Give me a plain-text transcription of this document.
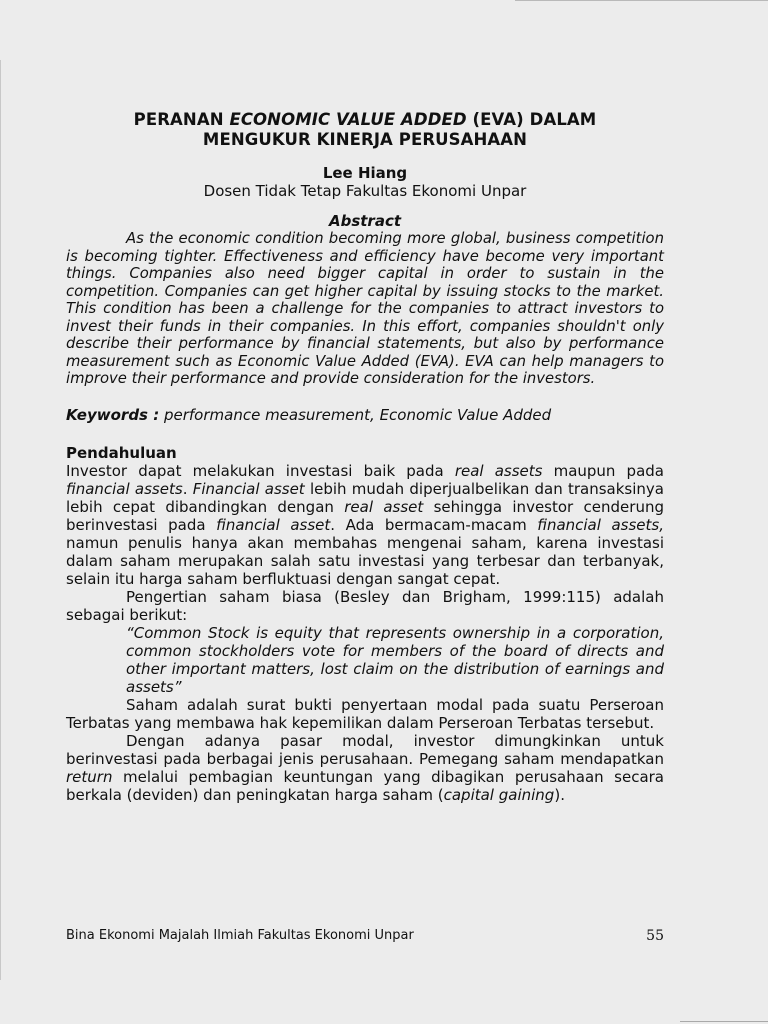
PERANAN ECONOMIC VALUE ADDED (EVA) DALAM
MENGUKUR KINERJA PERUSAHAAN

Lee Hiang

Dosen Tidak Tetap Fakultas Ekonomi Unpar

Abstract

As the economic condition becoming more global, business competition is becoming tighter. Effectiveness and efficiency have become very important things. Companies also need bigger capital in order to sustain in the competition. Companies can get higher capital by issuing stocks to the market. This condition has been a challenge for the companies to attract investors to invest their funds in their companies. In this effort, companies shouldn't only describe their performance by financial statements, but also by performance measurement such as Economic Value Added (EVA). EVA can help managers to improve their performance and provide consideration for the investors.

Keywords : performance measurement, Economic Value Added

Pendahuluan

Investor dapat melakukan investasi baik pada real assets maupun pada financial assets. Financial asset lebih mudah diperjualbelikan dan transaksinya lebih cepat dibandingkan dengan real asset sehingga investor cenderung berinvestasi pada financial asset. Ada bermacam-macam financial assets, namun penulis hanya akan membahas mengenai saham, karena investasi dalam saham merupakan salah satu investasi yang terbesar dan terbanyak, selain itu harga saham berfluktuasi dengan sangat cepat.

Pengertian saham biasa (Besley dan Brigham, 1999:115) adalah sebagai berikut:

“Common Stock is equity that represents ownership in a corporation, common stockholders vote for members of the board of directs and other important matters, lost claim on the distribution of earnings and assets”

Saham adalah surat bukti penyertaan modal pada suatu Perseroan Terbatas yang membawa hak kepemilikan dalam Perseroan Terbatas tersebut.

Dengan adanya pasar modal, investor dimungkinkan untuk berinvestasi pada berbagai jenis perusahaan. Pemegang saham mendapatkan return melalui pembagian keuntungan yang dibagikan perusahaan secara berkala (deviden) dan peningkatan harga saham (capital gaining).

Bina Ekonomi Majalah Ilmiah Fakultas Ekonomi Unpar	55
